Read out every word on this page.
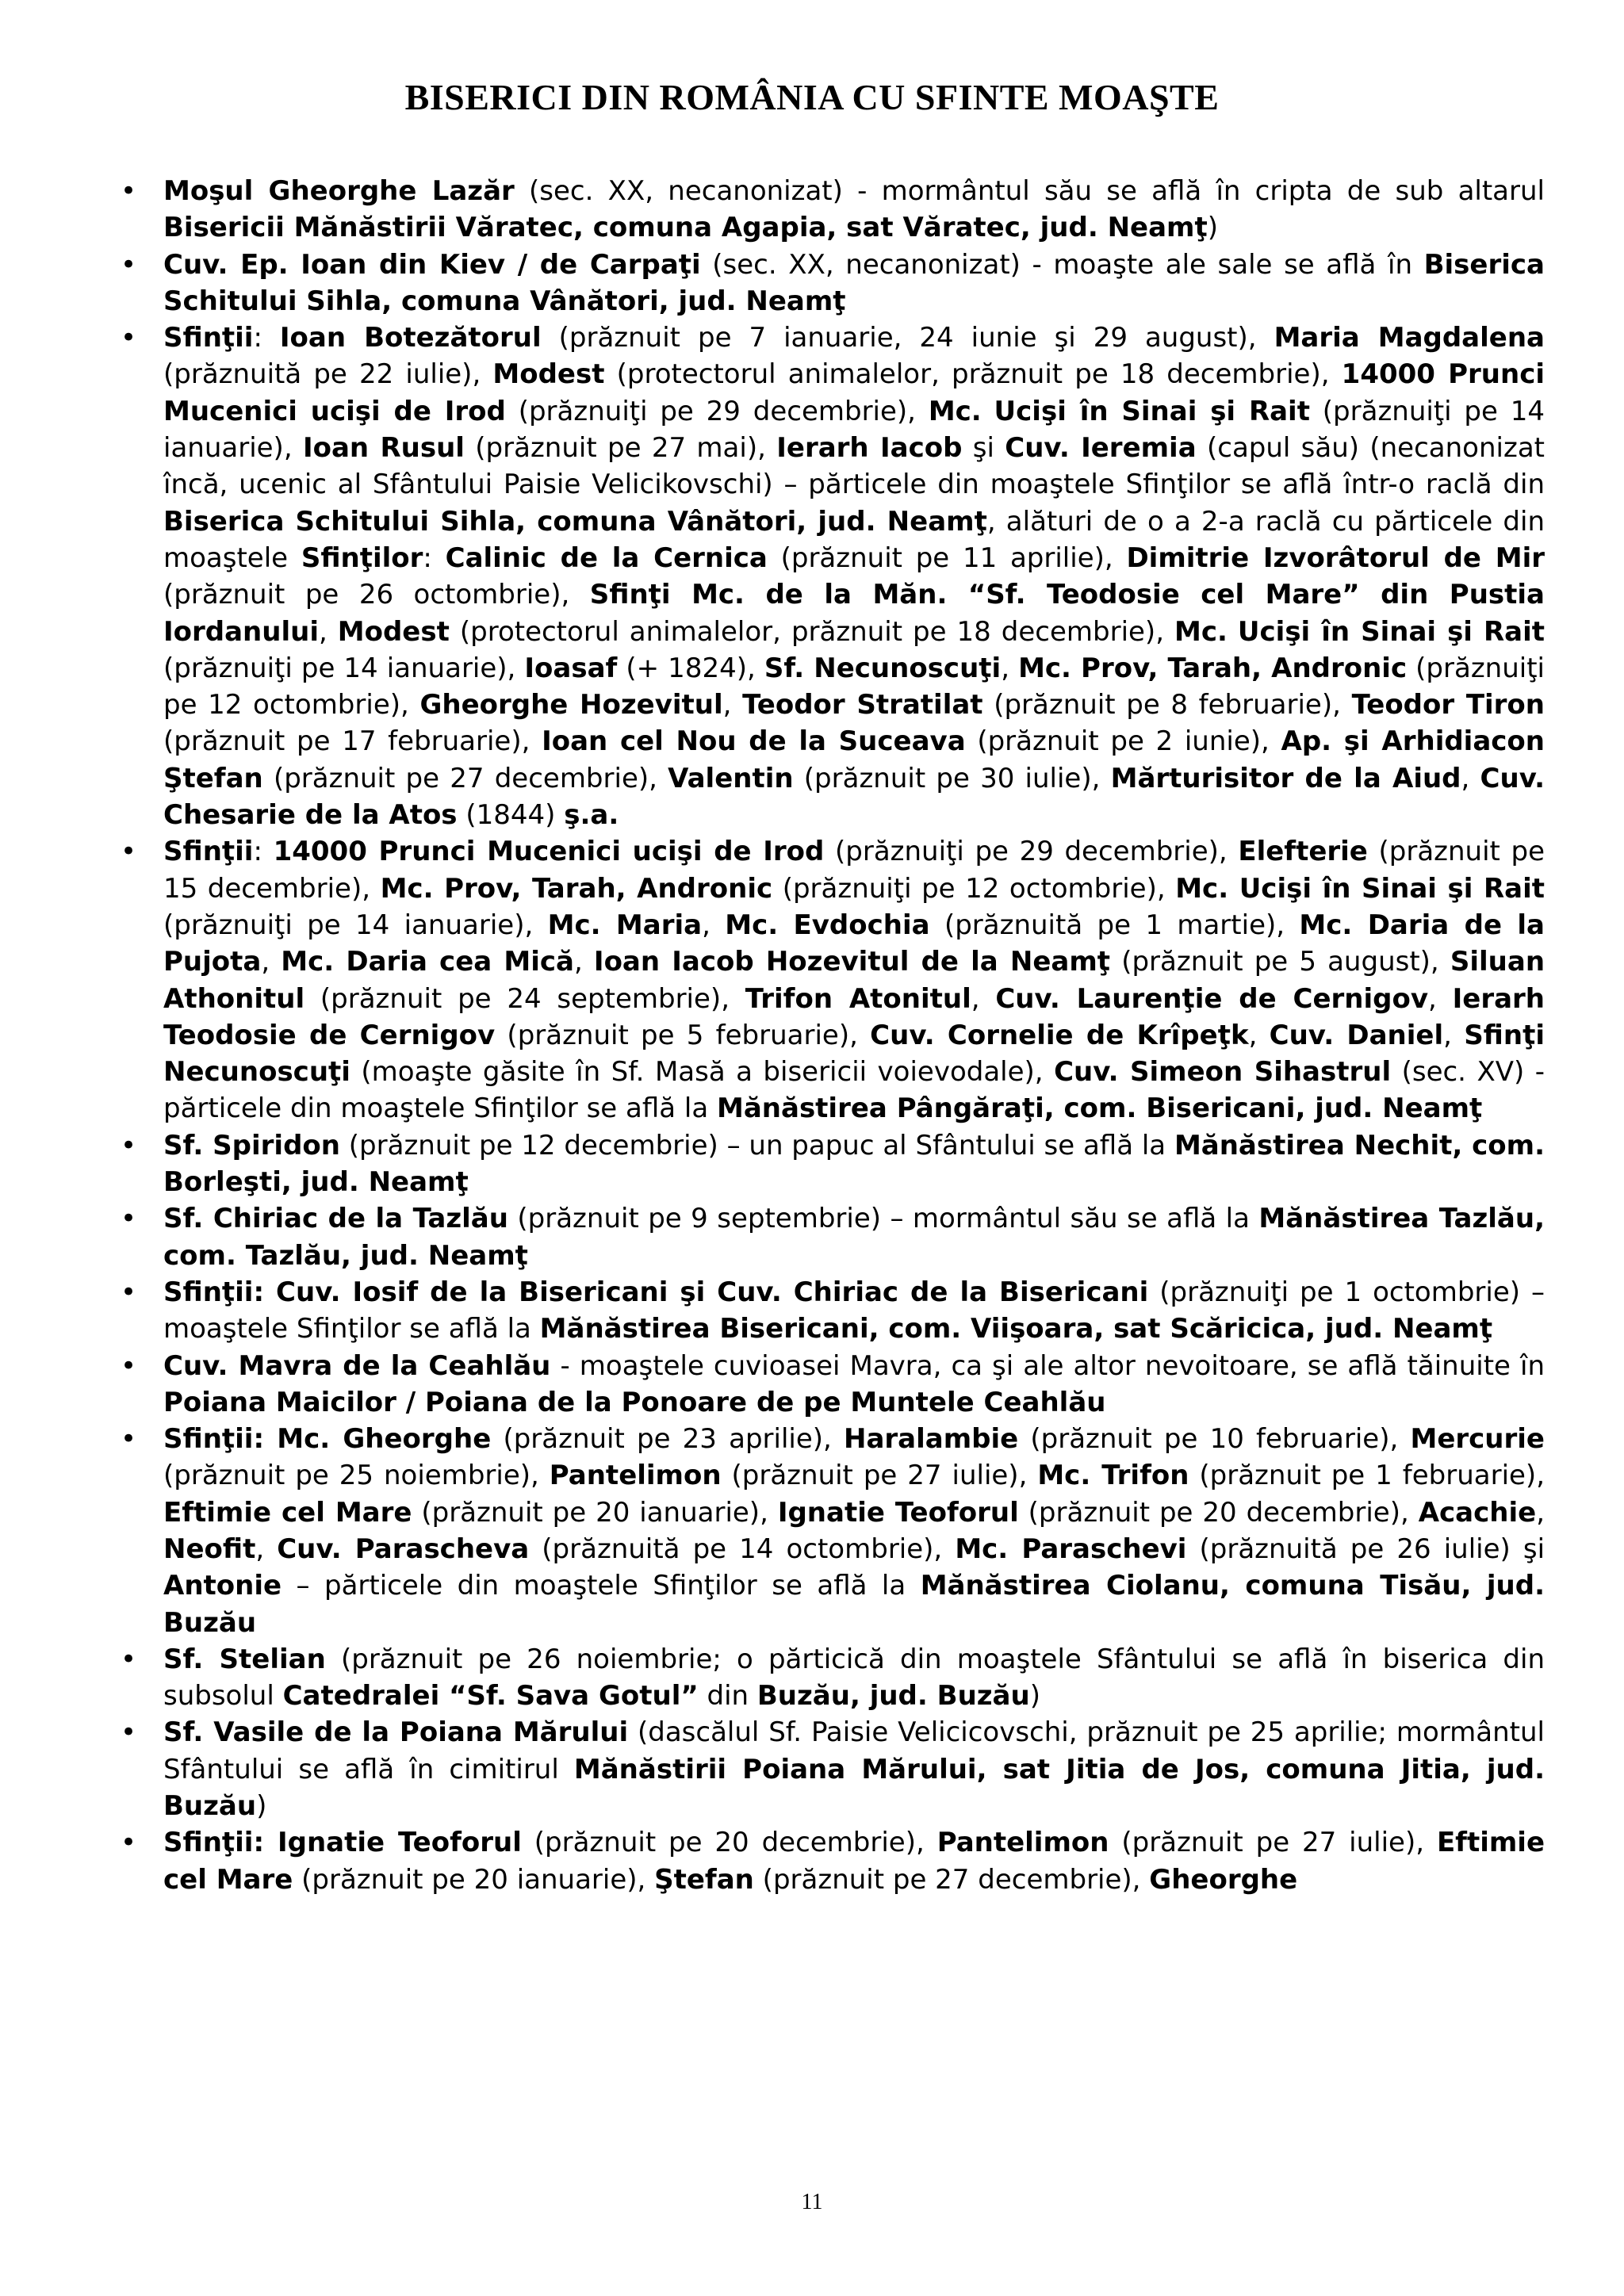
BISERICI DIN ROMÂNIA CU SFINTE MOAŞTE
• Moşul Gheorghe Lazăr (sec. XX, necanonizat) - mormântul său se află în cripta de sub altarul Bisericii Mănăstirii Văratec, comuna Agapia, sat Văratec, jud. Neamţ)
• Cuv. Ep. Ioan din Kiev / de Carpaţi (sec. XX, necanonizat) - moaşte ale sale se află în Biserica Schitului Sihla, comuna Vânători, jud. Neamţ
• Sfinţii: Ioan Botezătorul (prăznuit pe 7 ianuarie, 24 iunie şi 29 august), Maria Magdalena (prăznuită pe 22 iulie), Modest (protectorul animalelor, prăznuit pe 18 decembrie), 14000 Prunci Mucenici ucişi de Irod (prăznuiţi pe 29 decembrie), Mc. Ucişi în Sinai şi Rait (prăznuiţi pe 14 ianuarie), Ioan Rusul (prăznuit pe 27 mai), Ierarh Iacob şi Cuv. Ieremia (capul său) (necanonizat încă, ucenic al Sfântului Paisie Velicikovschi) – părticele din moaştele Sfinţilor se află într-o raclă din Biserica Schitului Sihla, comuna Vânători, jud. Neamţ, alături de o a 2-a raclă cu părticele din moaştele Sfinţilor: Calinic de la Cernica (prăznuit pe 11 aprilie), Dimitrie Izvorâtorul de Mir (prăznuit pe 26 octombrie), Sfinţi Mc. de la Măn. “Sf. Teodosie cel Mare” din Pustia Iordanului, Modest (protectorul animalelor, prăznuit pe 18 decembrie), Mc. Ucişi în Sinai şi Rait (prăznuiţi pe 14 ianuarie), Ioasaf (+ 1824), Sf. Necunoscuţi, Mc. Prov, Tarah, Andronic (prăznuiţi pe 12 octombrie), Gheorghe Hozevitul, Teodor Stratilat (prăznuit pe 8 februarie), Teodor Tiron (prăznuit pe 17 februarie), Ioan cel Nou de la Suceava (prăznuit pe 2 iunie), Ap. şi Arhidiacon Ştefan (prăznuit pe 27 decembrie), Valentin (prăznuit pe 30 iulie), Mărturisitor de la Aiud, Cuv. Chesarie de la Atos (1844) ş.a.
• Sfinţii: 14000 Prunci Mucenici ucişi de Irod (prăznuiţi pe 29 decembrie), Elefterie (prăznuit pe 15 decembrie), Mc. Prov, Tarah, Andronic (prăznuiţi pe 12 octombrie), Mc. Ucişi în Sinai şi Rait (prăznuiţi pe 14 ianuarie), Mc. Maria, Mc. Evdochia (prăznuită pe 1 martie), Mc. Daria de la Pujota, Mc. Daria cea Mică, Ioan Iacob Hozevitul de la Neamţ (prăznuit pe 5 august), Siluan Athonitul (prăznuit pe 24 septembrie), Trifon Atonitul, Cuv. Laurenţie de Cernigov, Ierarh Teodosie de Cernigov (prăznuit pe 5 februarie), Cuv. Cornelie de Krîpeţk, Cuv. Daniel, Sfinţi Necunoscuţi (moaşte găsite în Sf. Masă a bisericii voievodale), Cuv. Simeon Sihastrul (sec. XV) - părticele din moaştele Sfinţilor se află la Mănăstirea Pângăraţi, com. Bisericani, jud. Neamţ
• Sf. Spiridon (prăznuit pe 12 decembrie) – un papuc al Sfântului se află la Mănăstirea Nechit, com. Borleşti, jud. Neamţ
• Sf. Chiriac de la Tazlău (prăznuit pe 9 septembrie) – mormântul său se află la Mănăstirea Tazlău, com. Tazlău, jud. Neamţ
• Sfinţii: Cuv. Iosif de la Bisericani şi Cuv. Chiriac de la Bisericani (prăznuiţi pe 1 octombrie) – moaştele Sfinţilor se află la Mănăstirea Bisericani, com. Viişoara, sat Scăricica, jud. Neamţ
• Cuv. Mavra de la Ceahlău - moaştele cuvioasei Mavra, ca şi ale altor nevoitoare, se află tăinuite în Poiana Maicilor / Poiana de la Ponoare de pe Muntele Ceahlău
• Sfinţii: Mc. Gheorghe (prăznuit pe 23 aprilie), Haralambie (prăznuit pe 10 februarie), Mercurie (prăznuit pe 25 noiembrie), Pantelimon (prăznuit pe 27 iulie), Mc. Trifon (prăznuit pe 1 februarie), Eftimie cel Mare (prăznuit pe 20 ianuarie), Ignatie Teoforul (prăznuit pe 20 decembrie), Acachie, Neofit, Cuv. Parascheva (prăznuită pe 14 octombrie), Mc. Paraschevi (prăznuită pe 26 iulie) şi Antonie – părticele din moaştele Sfinţilor se află la Mănăstirea Ciolanu, comuna Tisău, jud. Buzău
• Sf. Stelian (prăznuit pe 26 noiembrie; o părticică din moaştele Sfântului se află în biserica din subsolul Catedralei “Sf. Sava Gotul” din Buzău, jud. Buzău)
• Sf. Vasile de la Poiana Mărului (dascălul Sf. Paisie Velicicovschi, prăznuit pe 25 aprilie; mormântul Sfântului se află în cimitirul Mănăstirii Poiana Mărului, sat Jitia de Jos, comuna Jitia, jud. Buzău)
• Sfinţii: Ignatie Teoforul (prăznuit pe 20 decembrie), Pantelimon (prăznuit pe 27 iulie), Eftimie cel Mare (prăznuit pe 20 ianuarie), Ştefan (prăznuit pe 27 decembrie), Gheorghe
11
